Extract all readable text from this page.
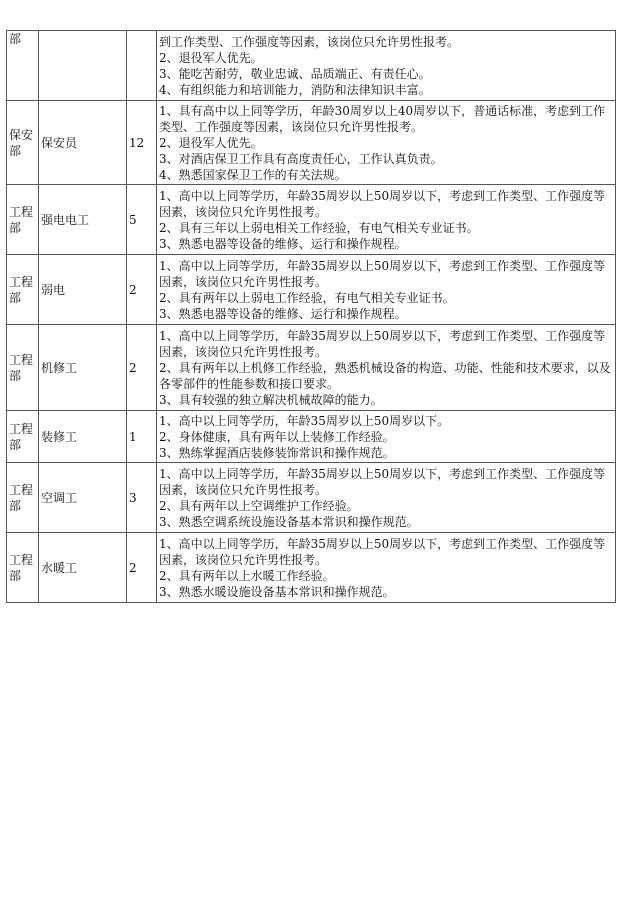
部			到工作类型、工作强度等因素，该岗位只允许男性报考。
2、退役军人优先。
3、能吃苦耐劳，敬业忠诚、品质端正、有责任心。
4、有组织能力和培训能力，消防和法律知识丰富。

保安部	保安员	12	1、具有高中以上同等学历，年龄30周岁以上40周岁以下，普通话标准，考虑到工作类型、工作强度等因素，该岗位只允许男性报考。
2、退役军人优先。
3、对酒店保卫工作具有高度责任心，工作认真负责。
4、熟悉国家保卫工作的有关法规。

工程部	强电电工	5	1、高中以上同等学历，年龄35周岁以上50周岁以下，考虑到工作类型、工作强度等因素，该岗位只允许男性报考。
2、具有三年以上弱电相关工作经验，有电气相关专业证书。
3、熟悉电器等设备的维修、运行和操作规程。

工程部	弱电	2	1、高中以上同等学历，年龄35周岁以上50周岁以下，考虑到工作类型、工作强度等因素，该岗位只允许男性报考。
2、具有两年以上弱电工作经验，有电气相关专业证书。
3、熟悉电器等设备的维修、运行和操作规程。

工程部	机修工	2	1、高中以上同等学历，年龄35周岁以上50周岁以下，考虑到工作类型、工作强度等因素，该岗位只允许男性报考。
2、具有两年以上机修工作经验，熟悉机械设备的构造、功能、性能和技术要求，以及各零部件的性能参数和接口要求。
3、具有较强的独立解决机械故障的能力。

工程部	装修工	1	1、高中以上同等学历，年龄35周岁以上50周岁以下。
2、身体健康，具有两年以上装修工作经验。
3、熟练掌握酒店装修装饰常识和操作规范。

工程部	空调工	3	1、高中以上同等学历，年龄35周岁以上50周岁以下，考虑到工作类型、工作强度等因素，该岗位只允许男性报考。
2、具有两年以上空调维护工作经验。
3、熟悉空调系统设施设备基本常识和操作规范。

工程部	水暖工	2	1、高中以上同等学历，年龄35周岁以上50周岁以下，考虑到工作类型、工作强度等因素，该岗位只允许男性报考。
2、具有两年以上水暖工作经验。
3、熟悉水暖设施设备基本常识和操作规范。
